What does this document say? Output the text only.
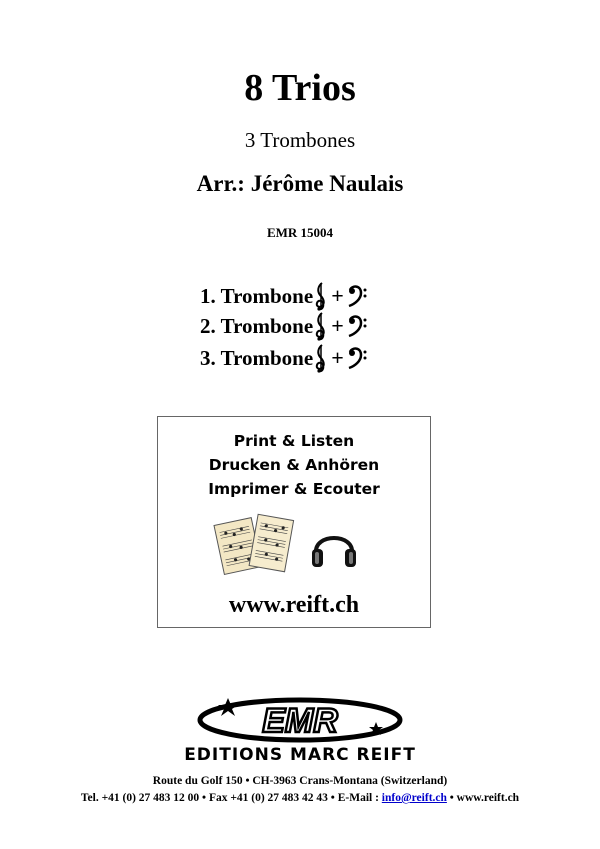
8 Trios
3 Trombones
Arr.: Jérôme Naulais
EMR 15004
1. Trombone +
2. Trombone +
3. Trombone +
Print & Listen
Drucken & Anhören
Imprimer & Ecouter
www.reift.ch
EMR
EDITIONS MARC REIFT
Route du Golf 150 • CH-3963 Crans-Montana (Switzerland)
Tel. +41 (0) 27 483 12 00 • Fax +41 (0) 27 483 42 43 • E-Mail : info@reift.ch • www.reift.ch
